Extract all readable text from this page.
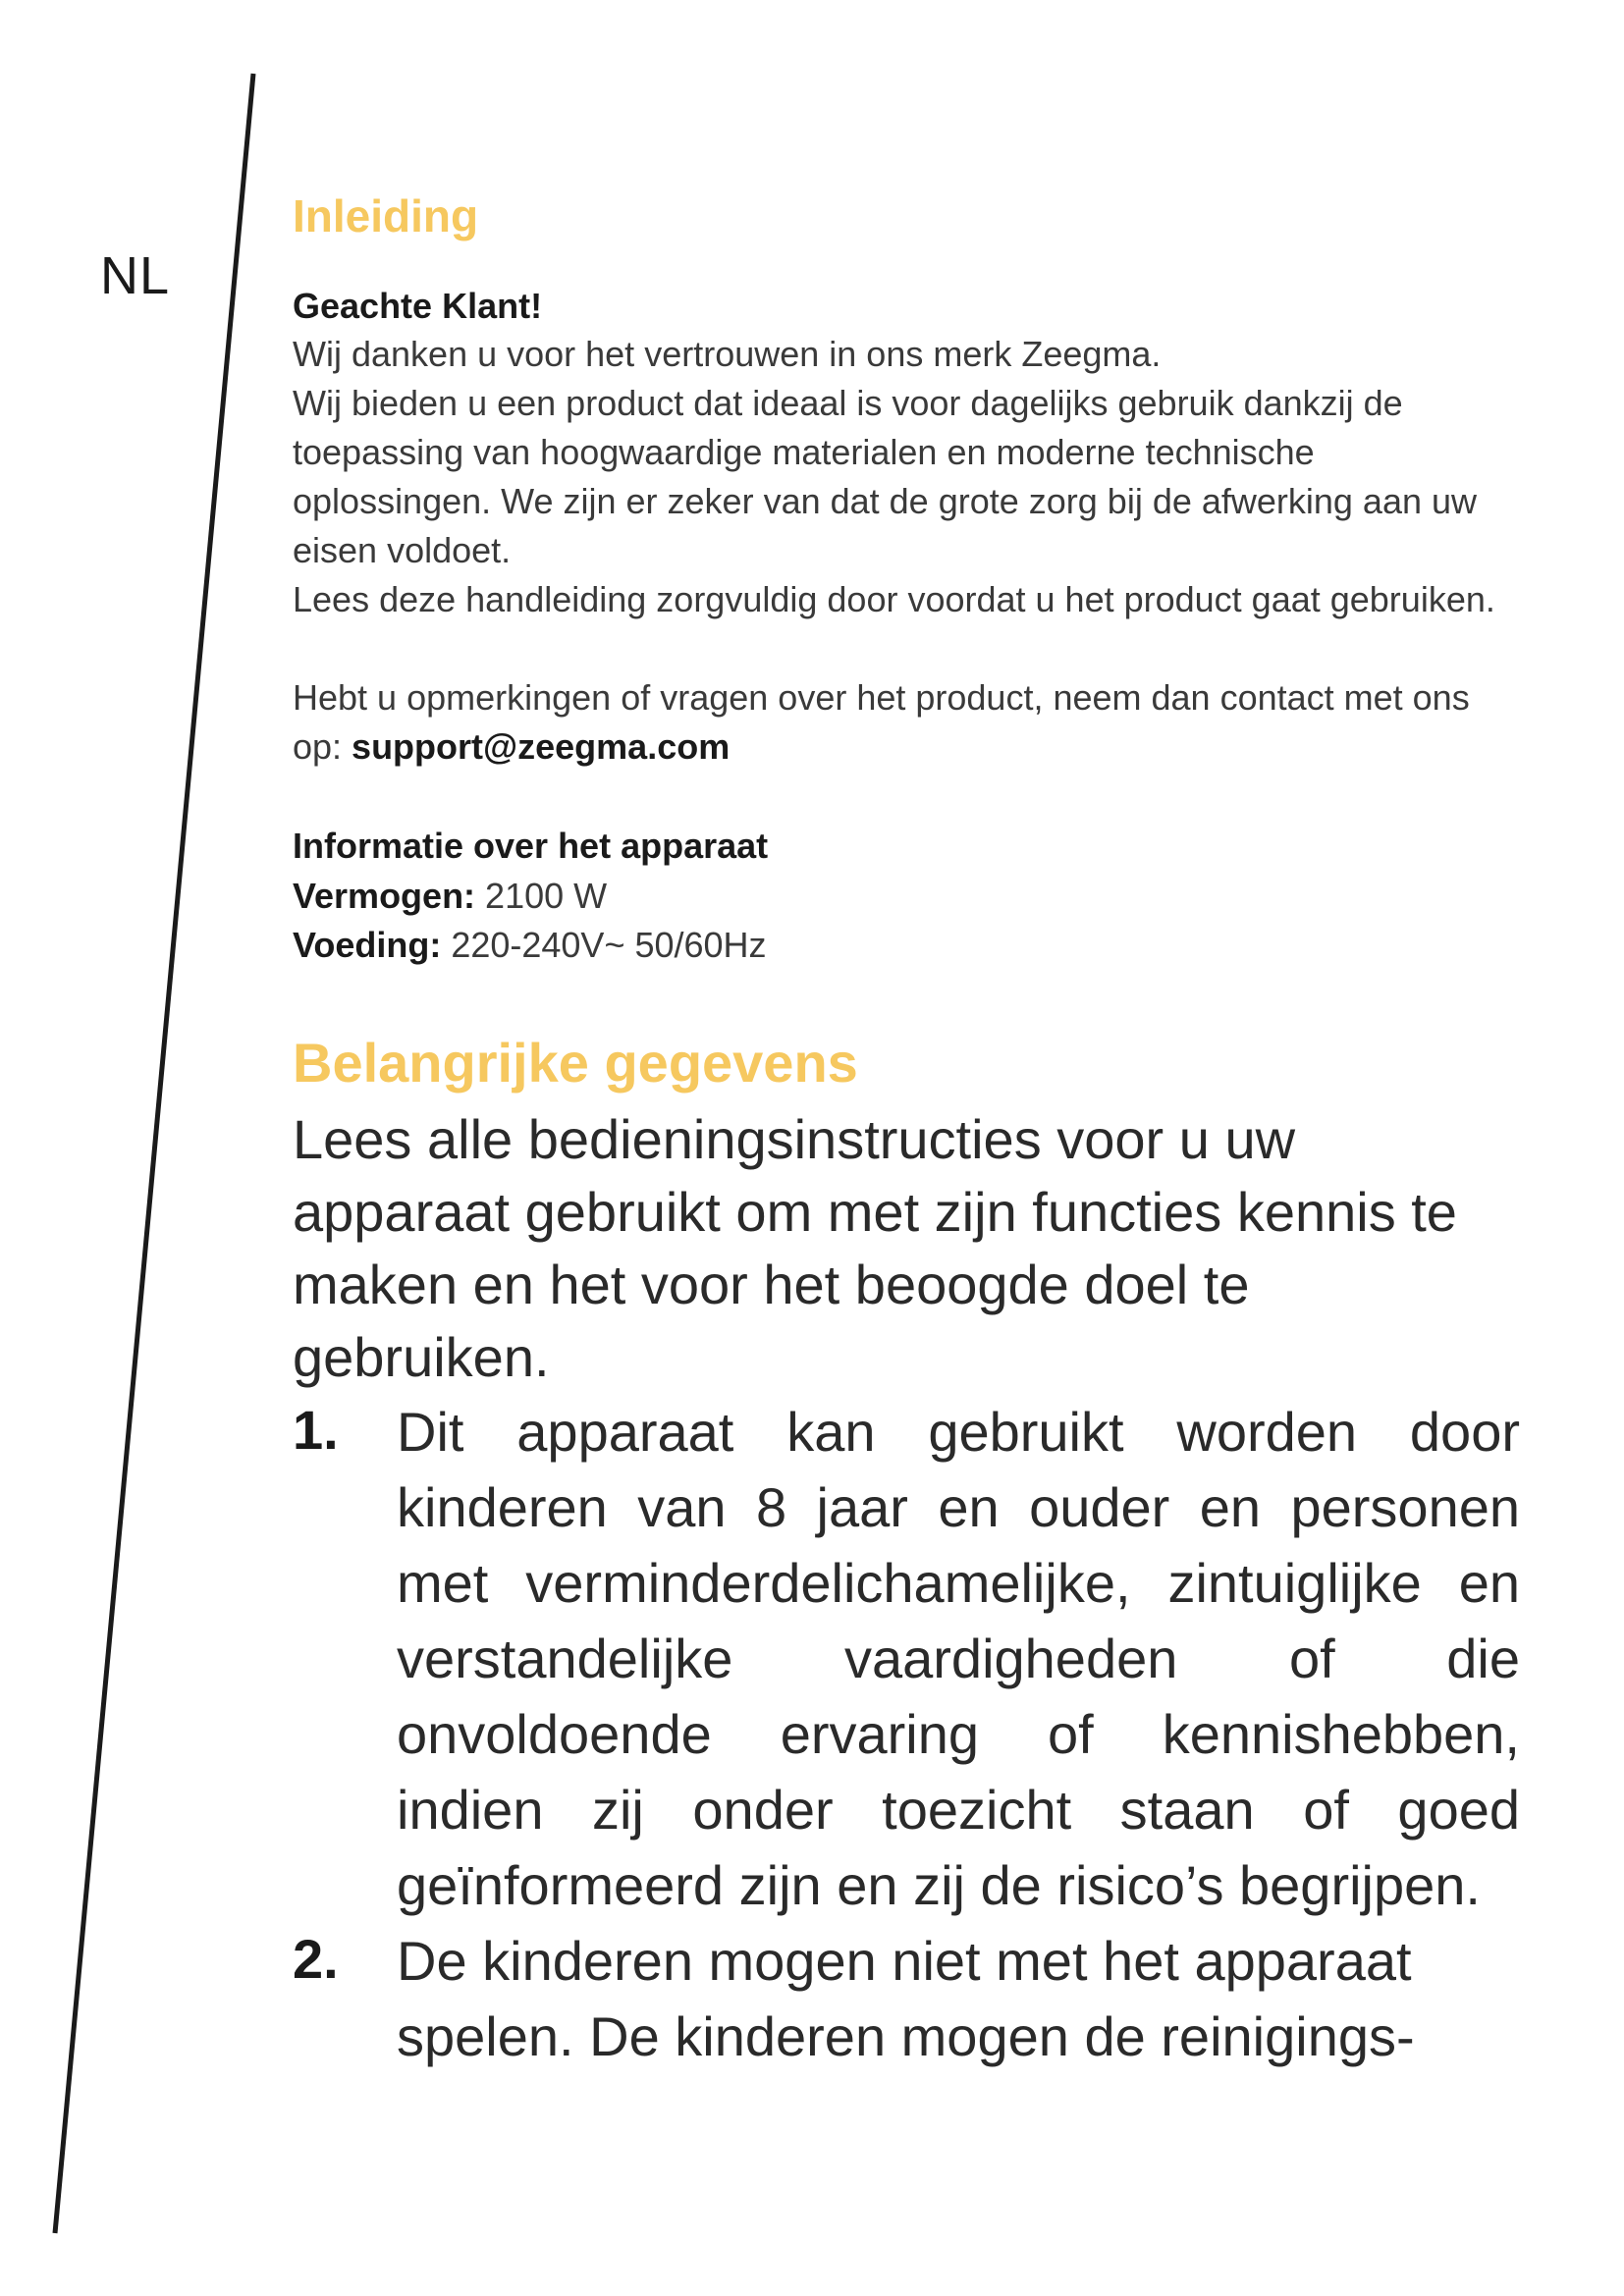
NL
Inleiding
Geachte Klant!
Wij danken u voor het vertrouwen in ons merk Zeegma.
Wij bieden u een product dat ideaal is voor dagelijks gebruik dankzij de toepassing van hoogwaardige materialen en moderne technische oplossingen. We zijn er zeker van dat de grote zorg bij de afwerking aan uw eisen voldoet.
Lees deze handleiding zorgvuldig door voordat u het product gaat gebruiken.
Hebt u opmerkingen of vragen over het product, neem dan contact met ons op: support@zeegma.com
Informatie over het apparaat
Vermogen: 2100 W
Voeding: 220-240V~ 50/60Hz
Belangrijke gegevens
Lees alle bedieningsinstructies voor u uw apparaat gebruikt om met zijn functies kennis te maken en het voor het beoogde doel te gebruiken.
1.	Dit apparaat kan gebruikt worden door kinderen van 8 jaar en ouder en personen met verminderdelichamelijke, zintuiglijke en verstandelijke vaardigheden of die onvoldoende ervaring of kennishebben, indien zij onder toezicht staan of goed geïnformeerd zijn en zij de risico’s begrijpen.
2.	De kinderen mogen niet met het apparaat spelen. De kinderen mogen de reinigings-
